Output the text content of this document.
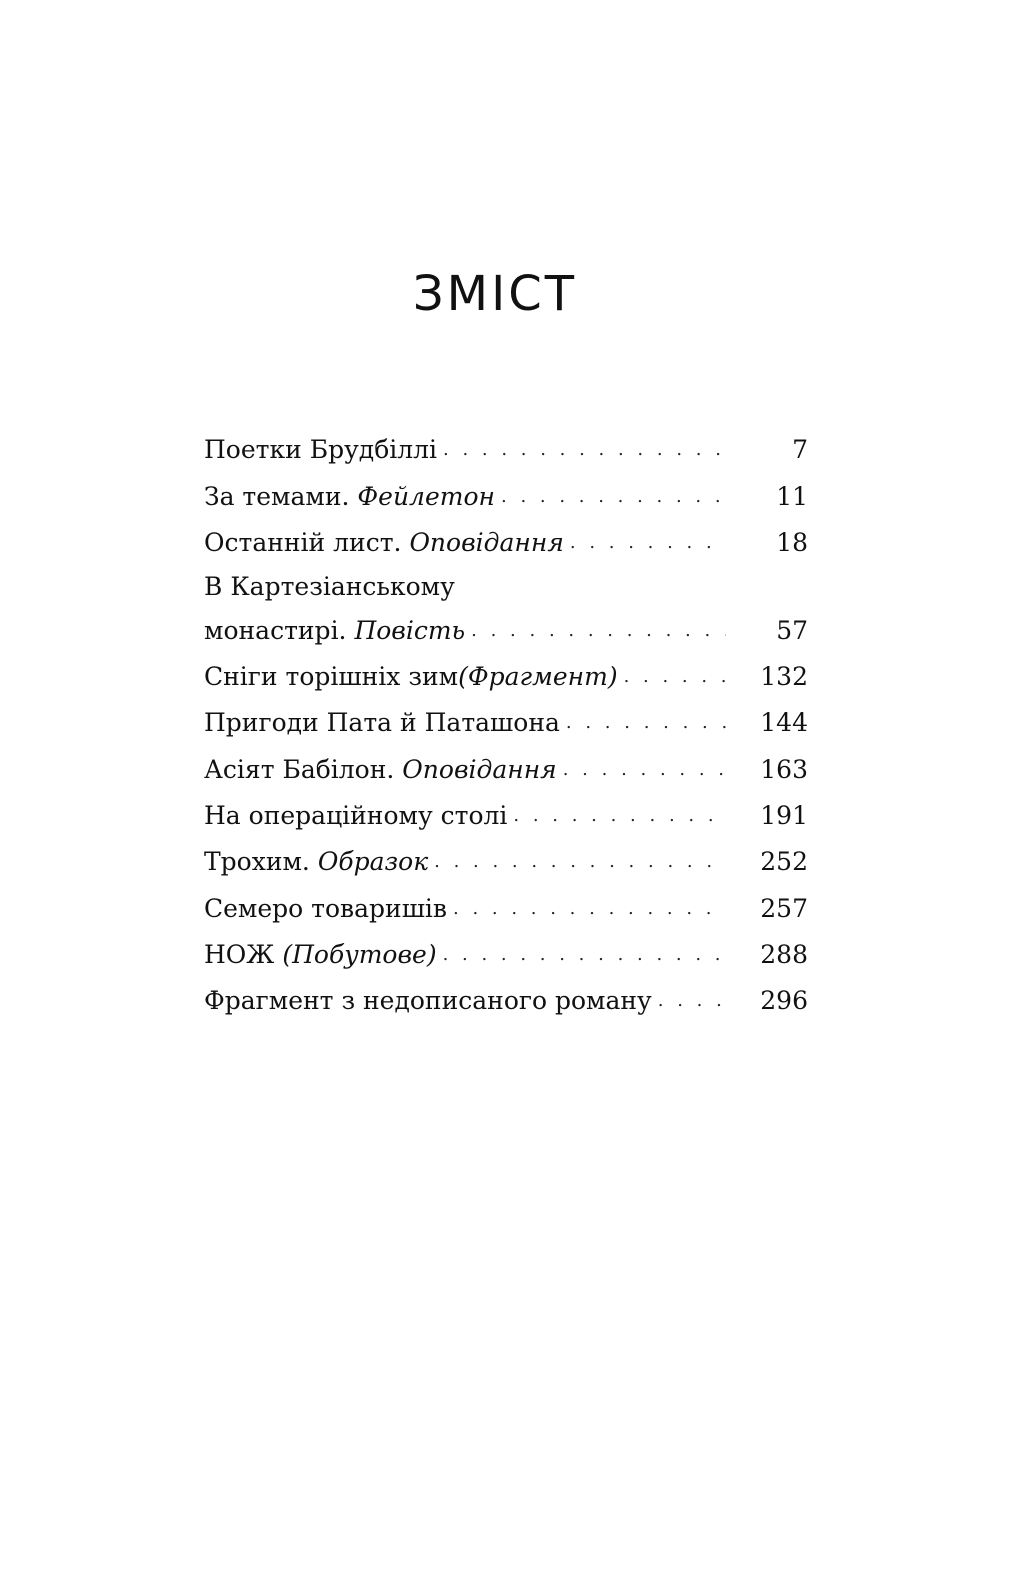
ЗМІСТ
Поетки Брудбіллі . . .	7
За темами. Фейлетон . . .	11
Останній лист. Оповідання . . .	18
В Картезіанському
монастирі. Повість . . .	57
Сніги торішніх зим(Фрагмент) . . .	132
Пригоди Пата й Паташона . . .	144
Асіят Бабілон. Оповідання . . .	163
На операційному столі . . .	191
Трохим. Образок . . .	252
Семеро товаришів . . .	257
НОЖ (Побутове) . . .	288
Фрагмент з недописаного роману . . .	296
